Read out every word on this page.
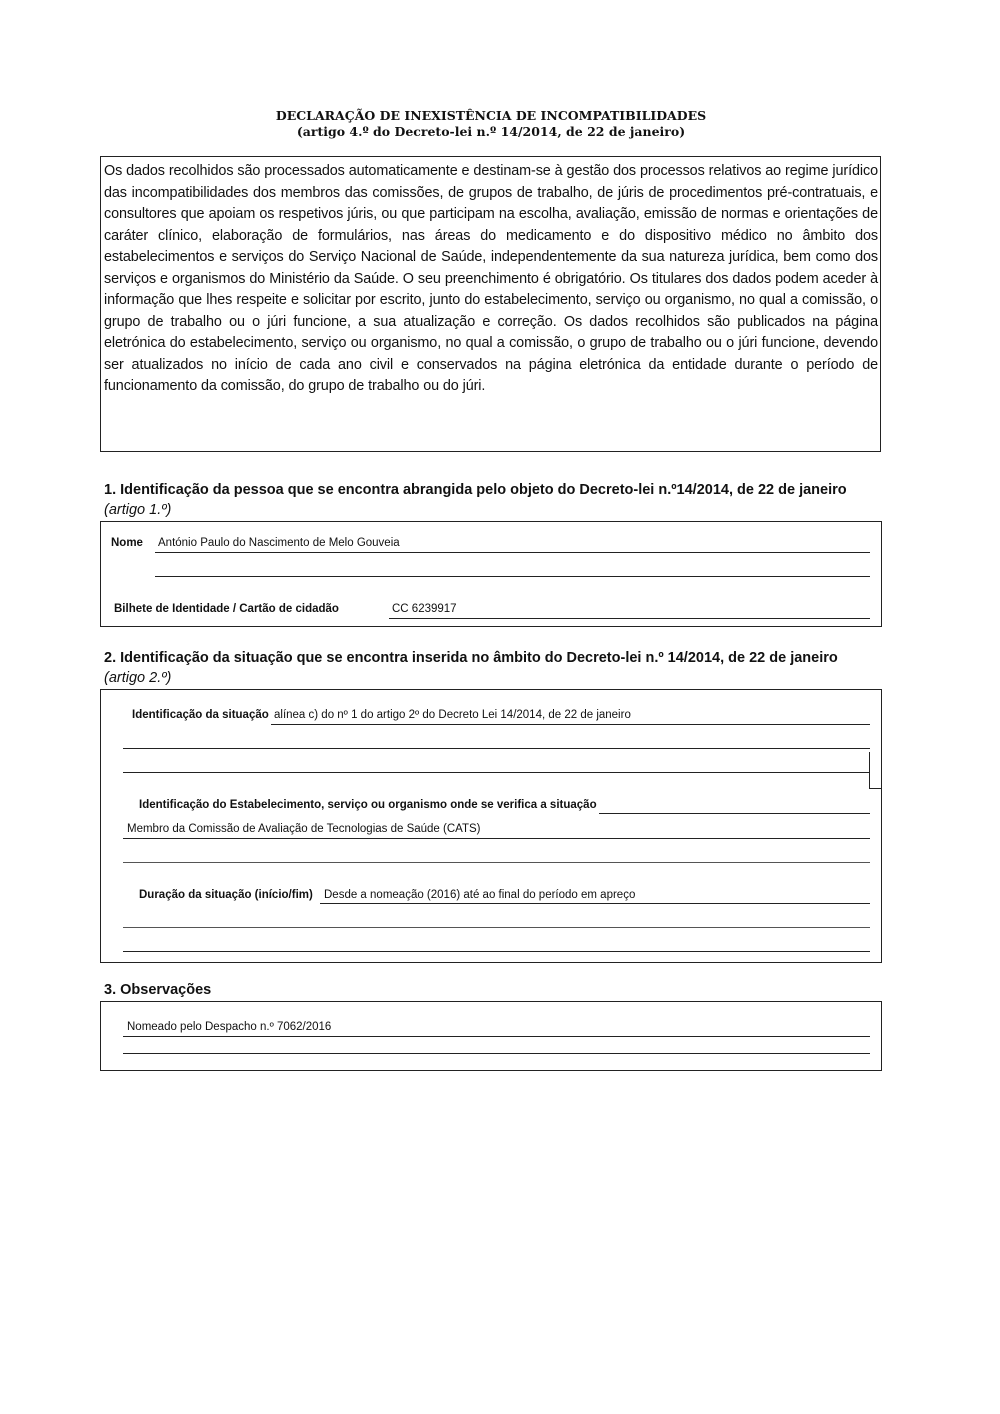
DECLARAÇÃO DE INEXISTÊNCIA DE INCOMPATIBILIDADES
(artigo 4.º do Decreto-lei n.º 14/2014, de 22 de janeiro)
Os dados recolhidos são processados automaticamente e destinam-se à gestão dos processos relativos ao regime jurídico das incompatibilidades dos membros das comissões, de grupos de trabalho, de júris de procedimentos pré-contratuais, e consultores que apoiam os respetivos júris, ou que participam na escolha, avaliação, emissão de normas e orientações de caráter clínico, elaboração de formulários, nas áreas do medicamento e do dispositivo médico no âmbito dos estabelecimentos e serviços do Serviço Nacional de Saúde, independentemente da sua natureza jurídica, bem como dos serviços e organismos do Ministério da Saúde. O seu preenchimento é obrigatório. Os titulares dos dados podem aceder à informação que lhes respeite e solicitar por escrito, junto do estabelecimento, serviço ou organismo, no qual a comissão, o grupo de trabalho ou o júri funcione, a sua atualização e correção. Os dados recolhidos são publicados na página eletrónica do estabelecimento, serviço ou organismo, no qual a comissão, o grupo de trabalho ou o júri funcione, devendo ser atualizados no início de cada ano civil e conservados na página eletrónica da entidade durante o período de funcionamento da comissão, do grupo de trabalho ou do júri.
1. Identificação da pessoa que se encontra abrangida pelo objeto do Decreto-lei n.º14/2014, de 22 de janeiro
(artigo 1.º)
Nome António Paulo do Nascimento de Melo Gouveia
Bilhete de Identidade / Cartão de cidadão	CC 6239917
2. Identificação da situação que se encontra inserida no âmbito do Decreto-lei n.º 14/2014, de 22 de janeiro
(artigo 2.º)
Identificação da situação alínea c) do nº 1 do artigo 2º do Decreto Lei 14/2014, de 22 de janeiro
Identificação do Estabelecimento, serviço ou organismo onde se verifica a situação
Membro da Comissão de Avaliação de Tecnologias de Saúde (CATS)
Duração da situação (início/fim) Desde a nomeação (2016) até ao final do período em apreço
3. Observações
Nomeado pelo Despacho n.º 7062/2016
